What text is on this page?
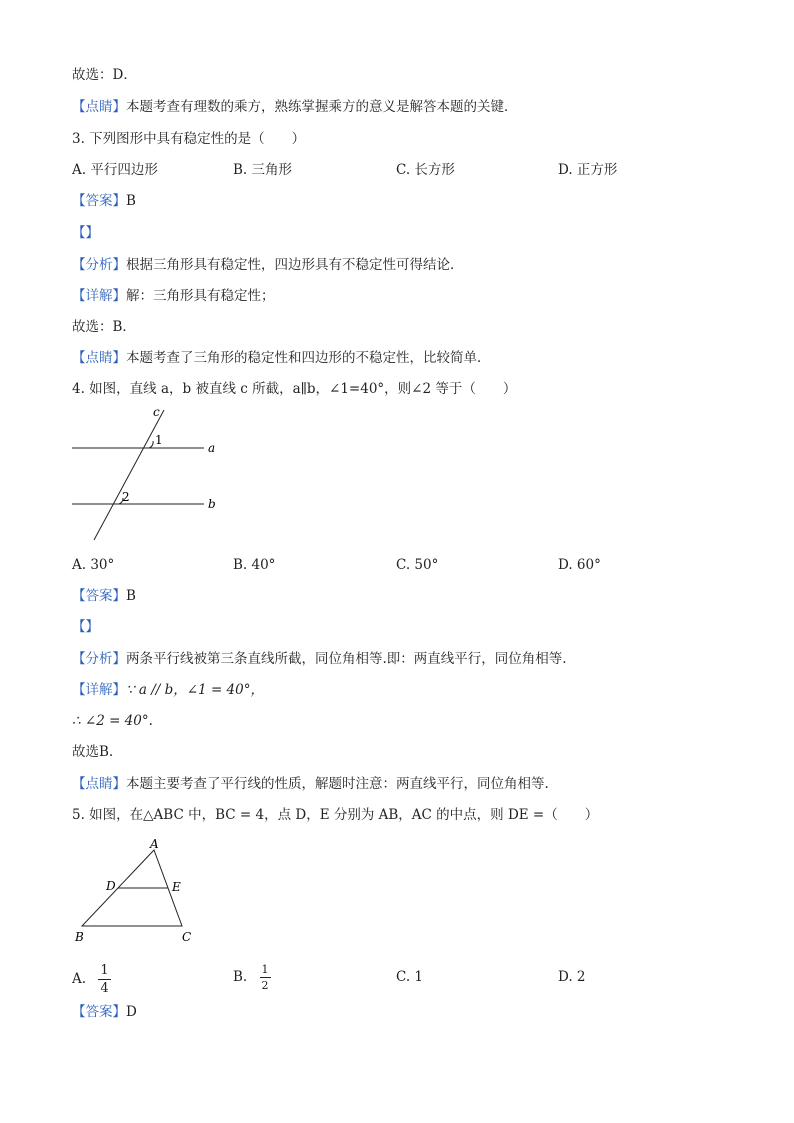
故选：D．
【点睛】本题考查有理数的乘方，熟练掌握乘方的意义是解答本题的关键．
3. 下列图形中具有稳定性的是（　　）
A. 平行四边形	B. 三角形	C. 长方形	D. 正方形
【答案】B
【】
【分析】根据三角形具有稳定性，四边形具有不稳定性可得结论．
【详解】解：三角形具有稳定性；
故选：B．
【点睛】本题考查了三角形的稳定性和四边形的不稳定性，比较简单．
4. 如图，直线 a，b 被直线 c 所截，a∥b，∠1=40°，则∠2 等于（　　）
c
1
a
2	b
A. 30°	B. 40°	C. 50°	D. 60°
【答案】B
【】
【分析】两条平行线被第三条直线所截，同位角相等.即：两直线平行，同位角相等.
【详解】∵ a // b，∠1 = 40°，
∴ ∠2 = 40°.
故选B.
【点睛】本题主要考查了平行线的性质，解题时注意：两直线平行，同位角相等.
5. 如图，在△ABC 中，BC = 4，点 D，E 分别为 AB，AC 的中点，则 DE =（　　）
A
D	E
B	C
A. $\frac{1}{4}$	B. $\frac{1}{2}$	C. 1	D. 2
【答案】D
